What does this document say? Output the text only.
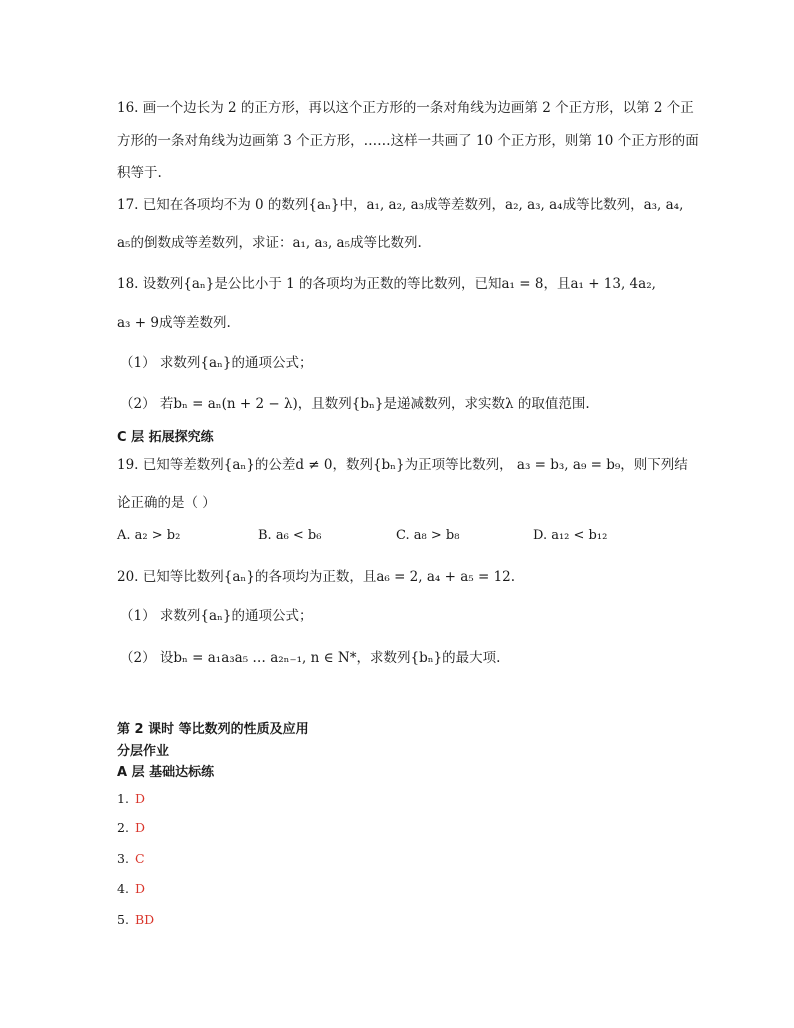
16. 画一个边长为 2 的正方形，再以这个正方形的一条对角线为边画第 2 个正方形，以第 2 个正
方形的一条对角线为边画第 3 个正方形，……这样一共画了 10 个正方形，则第 10 个正方形的面
积等于.
17. 已知在各项均不为 0 的数列{aₙ}中，a₁, a₂, a₃成等差数列，a₂, a₃, a₄成等比数列，a₃, a₄,
a₅的倒数成等差数列，求证：a₁, a₃, a₅成等比数列.
18. 设数列{aₙ}是公比小于 1 的各项均为正数的等比数列，已知a₁ = 8，且a₁ + 13, 4a₂,
a₃ + 9成等差数列.
（1） 求数列{aₙ}的通项公式；
（2） 若bₙ = aₙ(n + 2 − λ)，且数列{bₙ}是递减数列，求实数λ 的取值范围.
C 层 拓展探究练
19. 已知等差数列{aₙ}的公差d ≠ 0，数列{bₙ}为正项等比数列， a₃ = b₃, a₉ = b₉，则下列结
论正确的是（ ）
A. a₂ > b₂	B. a₆ < b₆	C. a₈ > b₈	D. a₁₂ < b₁₂
20. 已知等比数列{aₙ}的各项均为正数，且a₆ = 2, a₄ + a₅ = 12.
（1） 求数列{aₙ}的通项公式；
（2） 设bₙ = a₁a₃a₅ … a₂ₙ₋₁, n ∈ N*，求数列{bₙ}的最大项.
第 2 课时 等比数列的性质及应用
分层作业
A 层 基础达标练
1. D
2. D
3. C
4. D
5. BD
